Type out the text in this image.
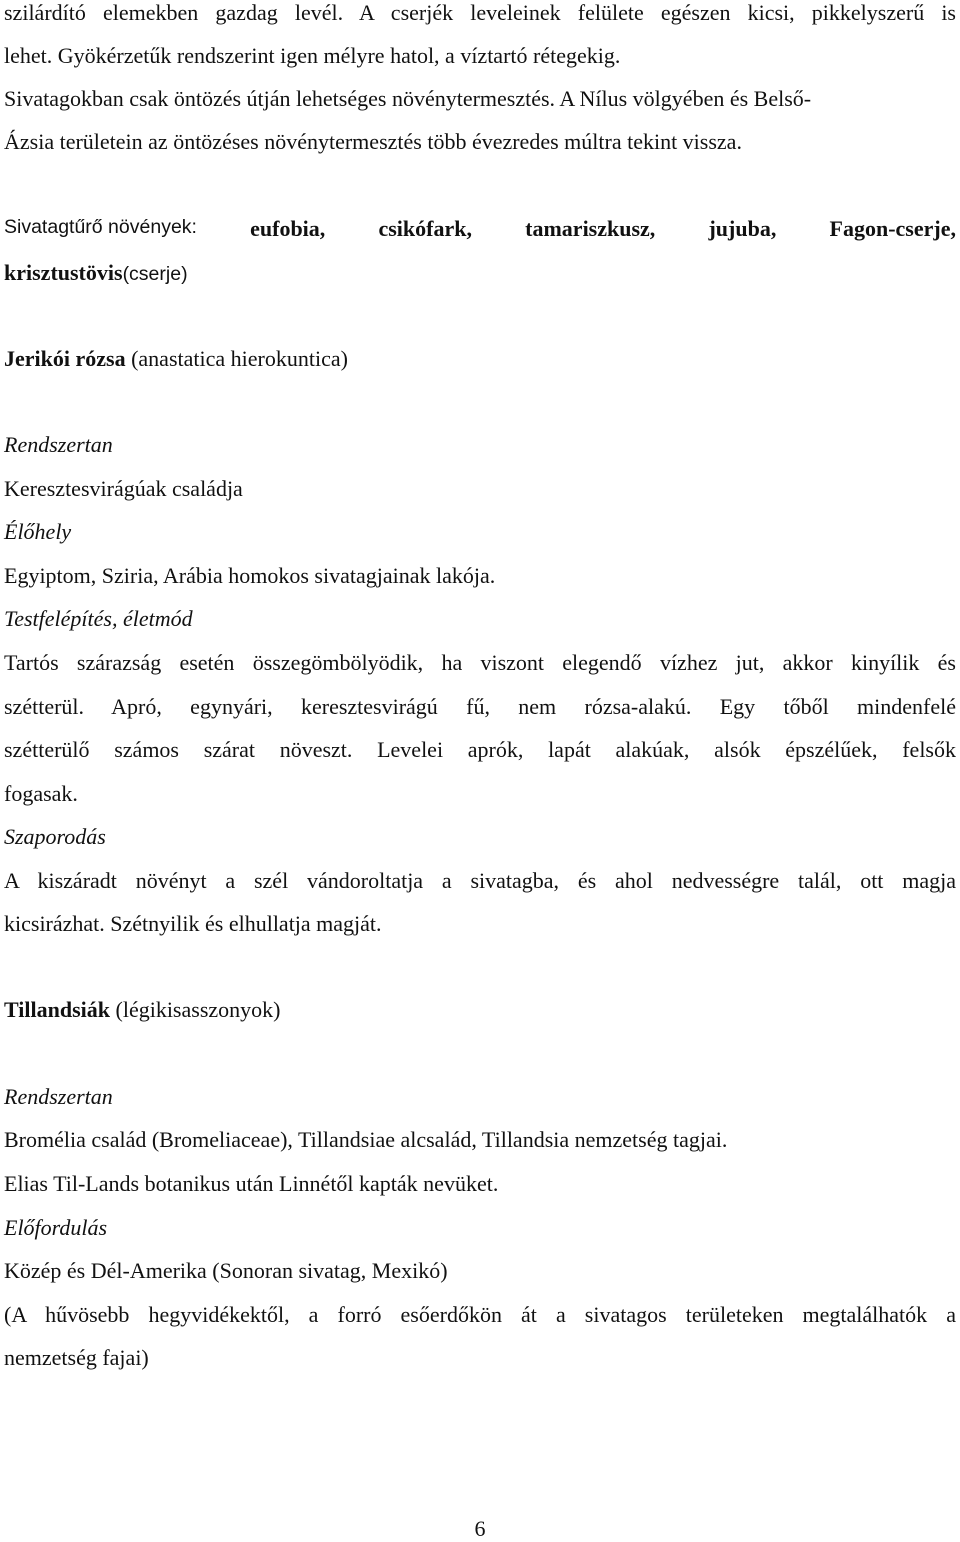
szilárdító elemekben gazdag levél. A cserjék leveleinek felülete egészen kicsi, pikkelyszerű is
lehet. Gyökérzetűk rendszerint igen mélyre hatol, a víztartó rétegekig.
Sivatagokban csak öntözés útján lehetséges növénytermesztés. A Nílus völgyében és Belső-
Ázsia területein az öntözéses növénytermesztés több évezredes múltra tekint vissza.
Sivatagtűrő növények: eufobia, csikófark, tamariszkusz, jujuba, Fagon-cserje,
krisztustövis(cserje)
Jerikói rózsa (anastatica hierokuntica)
Rendszertan
Keresztesvirágúak családja
Élőhely
Egyiptom, Sziria, Arábia homokos sivatagjainak lakója.
Testfelépítés, életmód
Tartós szárazság esetén összegömbölyödik, ha viszont elegendő vízhez jut, akkor kinyílik és
szétterül. Apró, egynyári, keresztesvirágú fű, nem rózsa-alakú. Egy tőből mindenfelé
szétterülő számos szárat növeszt. Levelei aprók, lapát alakúak, alsók épszélűek, felsők
fogasak.
Szaporodás
A kiszáradt növényt a szél vándoroltatja a sivatagba, és ahol nedvességre talál, ott magja
kicsirázhat. Szétnyilik és elhullatja magját.
Tillandsiák (légikisasszonyok)
Rendszertan
Bromélia család (Bromeliaceae), Tillandsiae alcsalád, Tillandsia nemzetség tagjai.
Elias Til-Lands botanikus után Linnétől kapták nevüket.
Előfordulás
Közép és Dél-Amerika (Sonoran sivatag, Mexikó)
(A hűvösebb hegyvidékektől, a forró esőerdőkön át a sivatagos területeken megtalálhatók a
nemzetség fajai)
6
